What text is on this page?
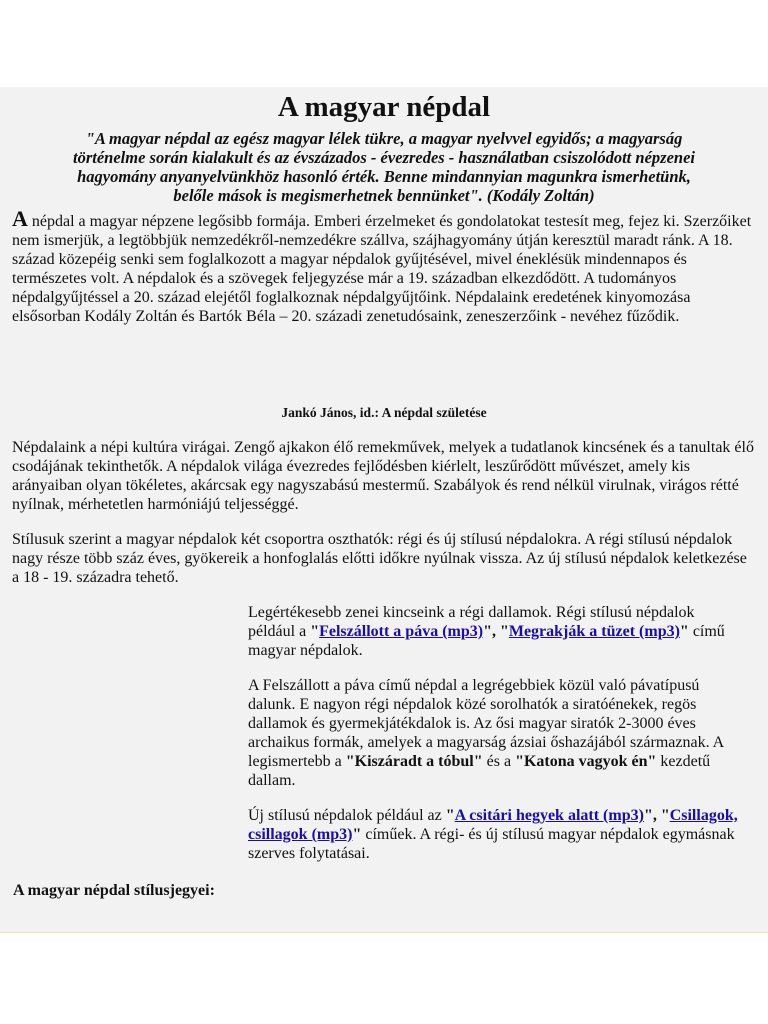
A magyar népdal
"A magyar népdal az egész magyar lélek tükre, a magyar nyelvvel egyidős; a magyarság történelme során kialakult és az évszázados - évezredes - használatban csiszolódott népzenei hagyomány anyanyelvünkhöz hasonló érték. Benne mindannyian magunkra ismerhetünk, belőle mások is megismerhetnek bennünket". (Kodály Zoltán)
A népdal a magyar népzene legősibb formája. Emberi érzelmeket és gondolatokat testesít meg, fejez ki. Szerzőiket nem ismerjük, a legtöbbjük nemzedékről-nemzedékre szállva, szájhagyomány útján keresztül maradt ránk. A 18. század közepéig senki sem foglalkozott a magyar népdalok gyűjtésével, mivel éneklésük mindennapos és természetes volt. A népdalok és a szövegek feljegyzése már a 19. században elkezdődött. A tudományos népdalgyűjtéssel a 20. század elejétől foglalkoznak népdalgyűjtőink. Népdalaink eredetének kinyomozása elsősorban Kodály Zoltán és Bartók Béla – 20. századi zenetudósaink, zeneszerzőink - nevéhez fűződik.
Jankó János, id.: A népdal születése
Népdalaink a népi kultúra virágai. Zengő ajkakon élő remekművek, melyek a tudatlanok kincsének és a tanultak élő csodájának tekinthetők. A népdalok világa évezredes fejlődésben kiérlelt, leszűrődött művészet, amely kis arányaiban olyan tökéletes, akárcsak egy nagyszabású mestermű. Szabályok és rend nélkül virulnak, virágos rétté nyílnak, mérhetetlen harmóniájú teljességgé.
Stílusuk szerint a magyar népdalok két csoportra oszthatók: régi és új stílusú népdalokra. A régi stílusú népdalok nagy része több száz éves, gyökereik a honfoglalás előtti időkre nyúlnak vissza. Az új stílusú népdalok keletkezése a 18 - 19. századra tehető.
Legértékesebb zenei kincseink a régi dallamok. Régi stílusú népdalok például a "Felszállott a páva (mp3)", "Megrakják a tüzet (mp3)" című magyar népdalok.
A Felszállott a páva című népdal a legrégebbiek közül való pávatípusú dalunk. E nagyon régi népdalok közé sorolhatók a siratóénekek, regös dallamok és gyermekjátékdalok is. Az ősi magyar siratók 2-3000 éves archaikus formák, amelyek a magyarság ázsiai őshazájából származnak. A legismertebb a "Kiszáradt a tóbul" és a "Katona vagyok én" kezdetű dallam.
Új stílusú népdalok például az "A csitári hegyek alatt (mp3)", "Csillagok, csillagok (mp3)" címűek. A régi- és új stílusú magyar népdalok egymásnak szerves folytatásai.
A magyar népdal stílusjegyei:
